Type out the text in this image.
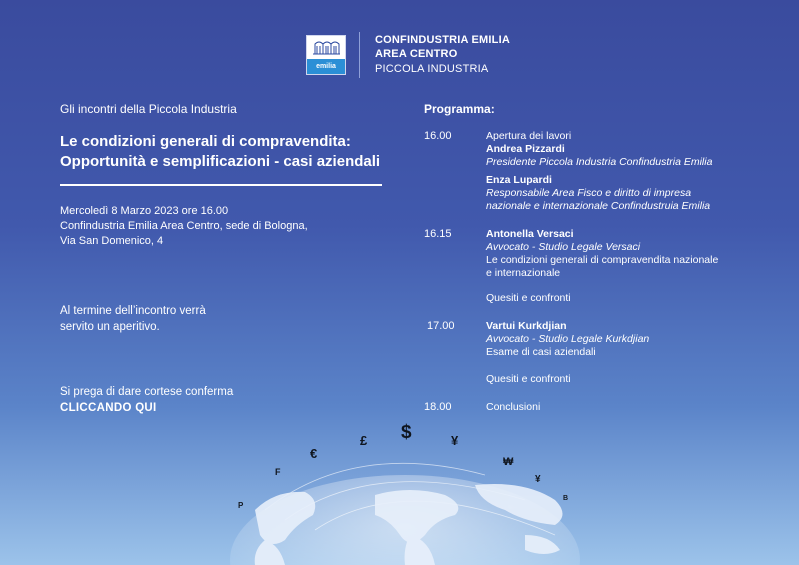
emilia
CONFINDUSTRIA EMILIA
AREA CENTRO
PICCOLA INDUSTRIA
Gli incontri della Piccola Industria
Le condizioni generali di compravendita:
Opportunità e semplificazioni - casi aziendali
Mercoledì 8 Marzo 2023 ore 16.00
Confindustria Emilia Area Centro, sede di Bologna,
Via San Domenico, 4
Al termine dell’incontro verrà
servito un aperitivo.
Si prega di dare cortese conferma
CLICCANDO QUI
Programma:
16.00	Apertura dei lavori
Andrea Pizzardi
Presidente Piccola Industria Confindustria Emilia
Enza Lupardi
Responsabile Area Fisco e diritto di impresa
nazionale e internazionale Confindustruia Emilia
16.15	Antonella Versaci
Avvocato - Studio Legale Versaci
Le condizioni generali di compravendita nazionale
e internazionale
Quesiti e confronti
17.00	Vartui Kurkdjian
Avvocato - Studio Legale Kurkdjian
Esame di casi aziendali
Quesiti e confronti
18.00	Conclusioni
P
F
€
£ $	¥
₩
¥
B
